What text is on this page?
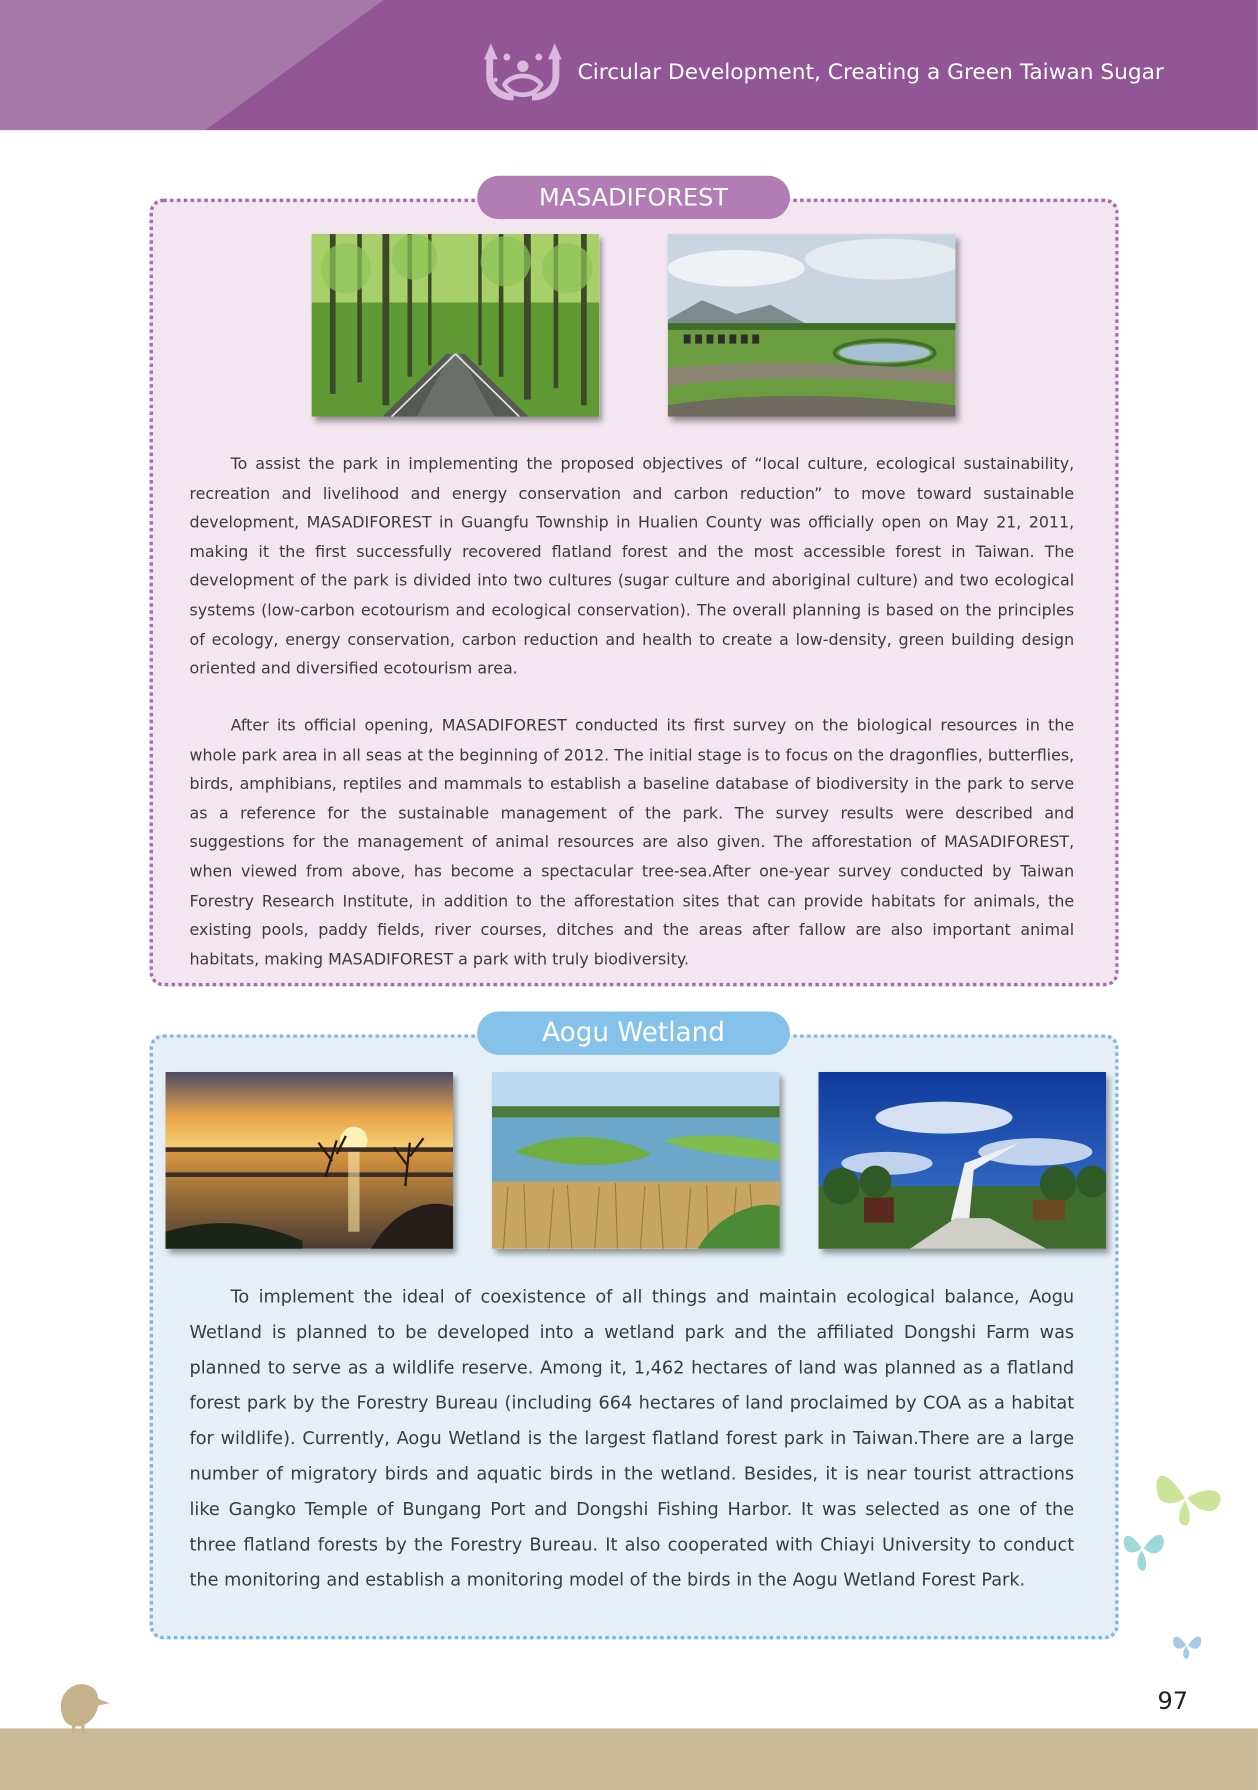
Circular Development, Creating a Green Taiwan Sugar
MASADIFOREST

To assist the park in implementing the proposed objectives of “local culture, ecological sustainability, recreation and livelihood and energy conservation and carbon reduction” to move toward sustainable development, MASADIFOREST in Guangfu Township in Hualien County was officially open on May 21, 2011, making it the first successfully recovered flatland forest and the most accessible forest in Taiwan. The development of the park is divided into two cultures (sugar culture and aboriginal culture) and two ecological systems (low-carbon ecotourism and ecological conservation). The overall planning is based on the principles of ecology, energy conservation, carbon reduction and health to create a low-density, green building design oriented and diversified ecotourism area.

After its official opening, MASADIFOREST conducted its first survey on the biological resources in the whole park area in all seas at the beginning of 2012. The initial stage is to focus on the dragonflies, butterflies, birds, amphibians, reptiles and mammals to establish a baseline database of biodiversity in the park to serve as a reference for the sustainable management of the park. The survey results were described and suggestions for the management of animal resources are also given. The afforestation of MASADIFOREST, when viewed from above, has become a spectacular tree-sea.After one-year survey conducted by Taiwan Forestry Research Institute, in addition to the afforestation sites that can provide habitats for animals, the existing pools, paddy fields, river courses, ditches and the areas after fallow are also important animal habitats, making MASADIFOREST a park with truly biodiversity.

Aogu Wetland

To implement the ideal of coexistence of all things and maintain ecological balance, Aogu Wetland is planned to be developed into a wetland park and the affiliated Dongshi Farm was planned to serve as a wildlife reserve. Among it, 1,462 hectares of land was planned as a flatland forest park by the Forestry Bureau (including 664 hectares of land proclaimed by COA as a habitat for wildlife). Currently, Aogu Wetland is the largest flatland forest park in Taiwan.There are a large number of migratory birds and aquatic birds in the wetland. Besides, it is near tourist attractions like Gangko Temple of Bungang Port and Dongshi Fishing Harbor. It was selected as one of the three flatland forests by the Forestry Bureau. It also cooperated with Chiayi University to conduct the monitoring and establish a monitoring model of the birds in the Aogu Wetland Forest Park.

97
